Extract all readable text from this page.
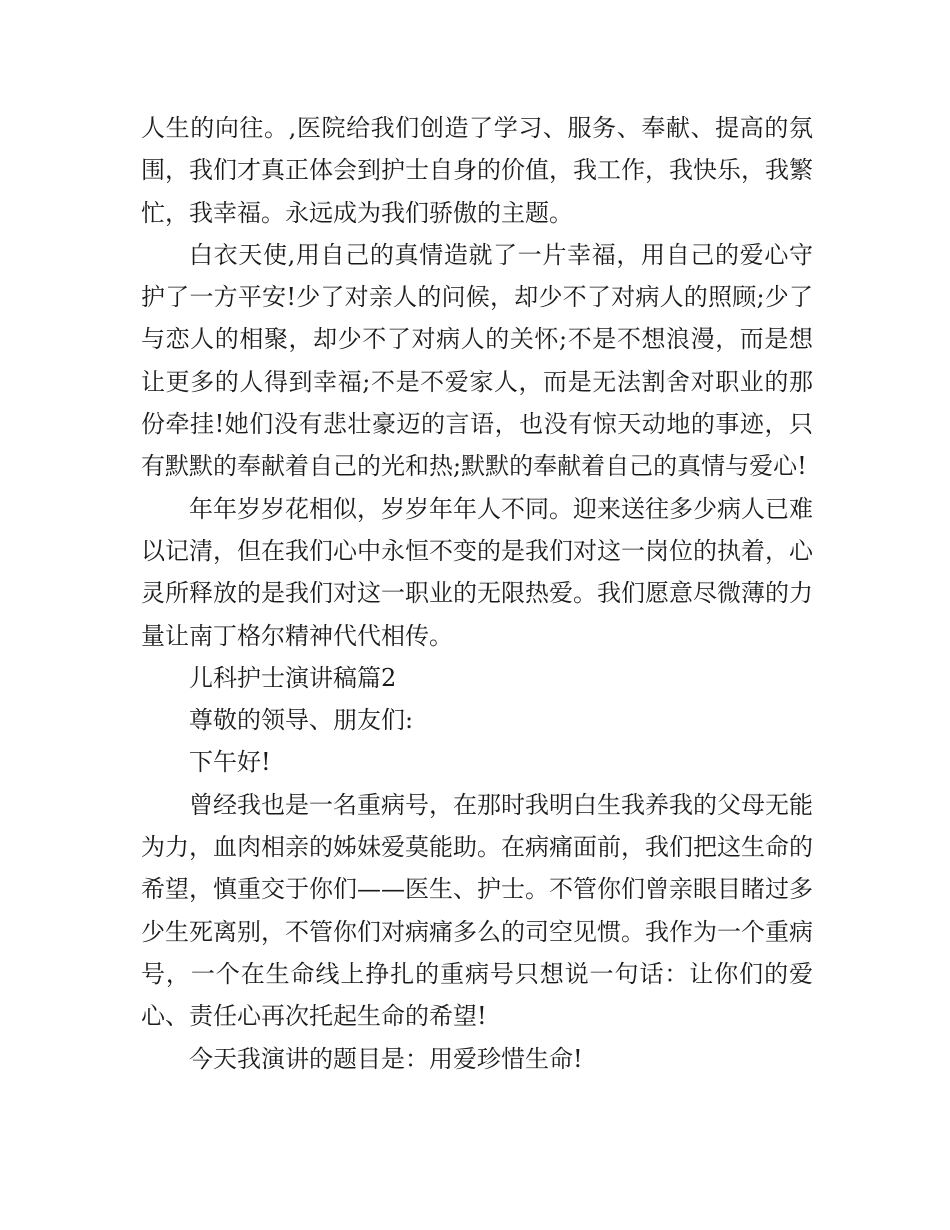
人生的向往。,医院给我们创造了学习、服务、奉献、提高的氛围，我们才真正体会到护士自身的价值，我工作，我快乐，我繁忙，我幸福。永远成为我们骄傲的主题。

白衣天使,用自己的真情造就了一片幸福，用自己的爱心守护了一方平安!少了对亲人的问候，却少不了对病人的照顾;少了与恋人的相聚，却少不了对病人的关怀;不是不想浪漫，而是想让更多的人得到幸福;不是不爱家人，而是无法割舍对职业的那份牵挂!她们没有悲壮豪迈的言语，也没有惊天动地的事迹，只有默默的奉献着自己的光和热;默默的奉献着自己的真情与爱心!

年年岁岁花相似，岁岁年年人不同。迎来送往多少病人已难以记清，但在我们心中永恒不变的是我们对这一岗位的执着，心灵所释放的是我们对这一职业的无限热爱。我们愿意尽微薄的力量让南丁格尔精神代代相传。

儿科护士演讲稿篇2

尊敬的领导、朋友们:

下午好!

曾经我也是一名重病号，在那时我明白生我养我的父母无能为力，血肉相亲的姊妹爱莫能助。在病痛面前，我们把这生命的希望，慎重交于你们——医生、护士。不管你们曾亲眼目睹过多少生死离别，不管你们对病痛多么的司空见惯。我作为一个重病号，一个在生命线上挣扎的重病号只想说一句话：让你们的爱心、责任心再次托起生命的希望!

今天我演讲的题目是：用爱珍惜生命!
